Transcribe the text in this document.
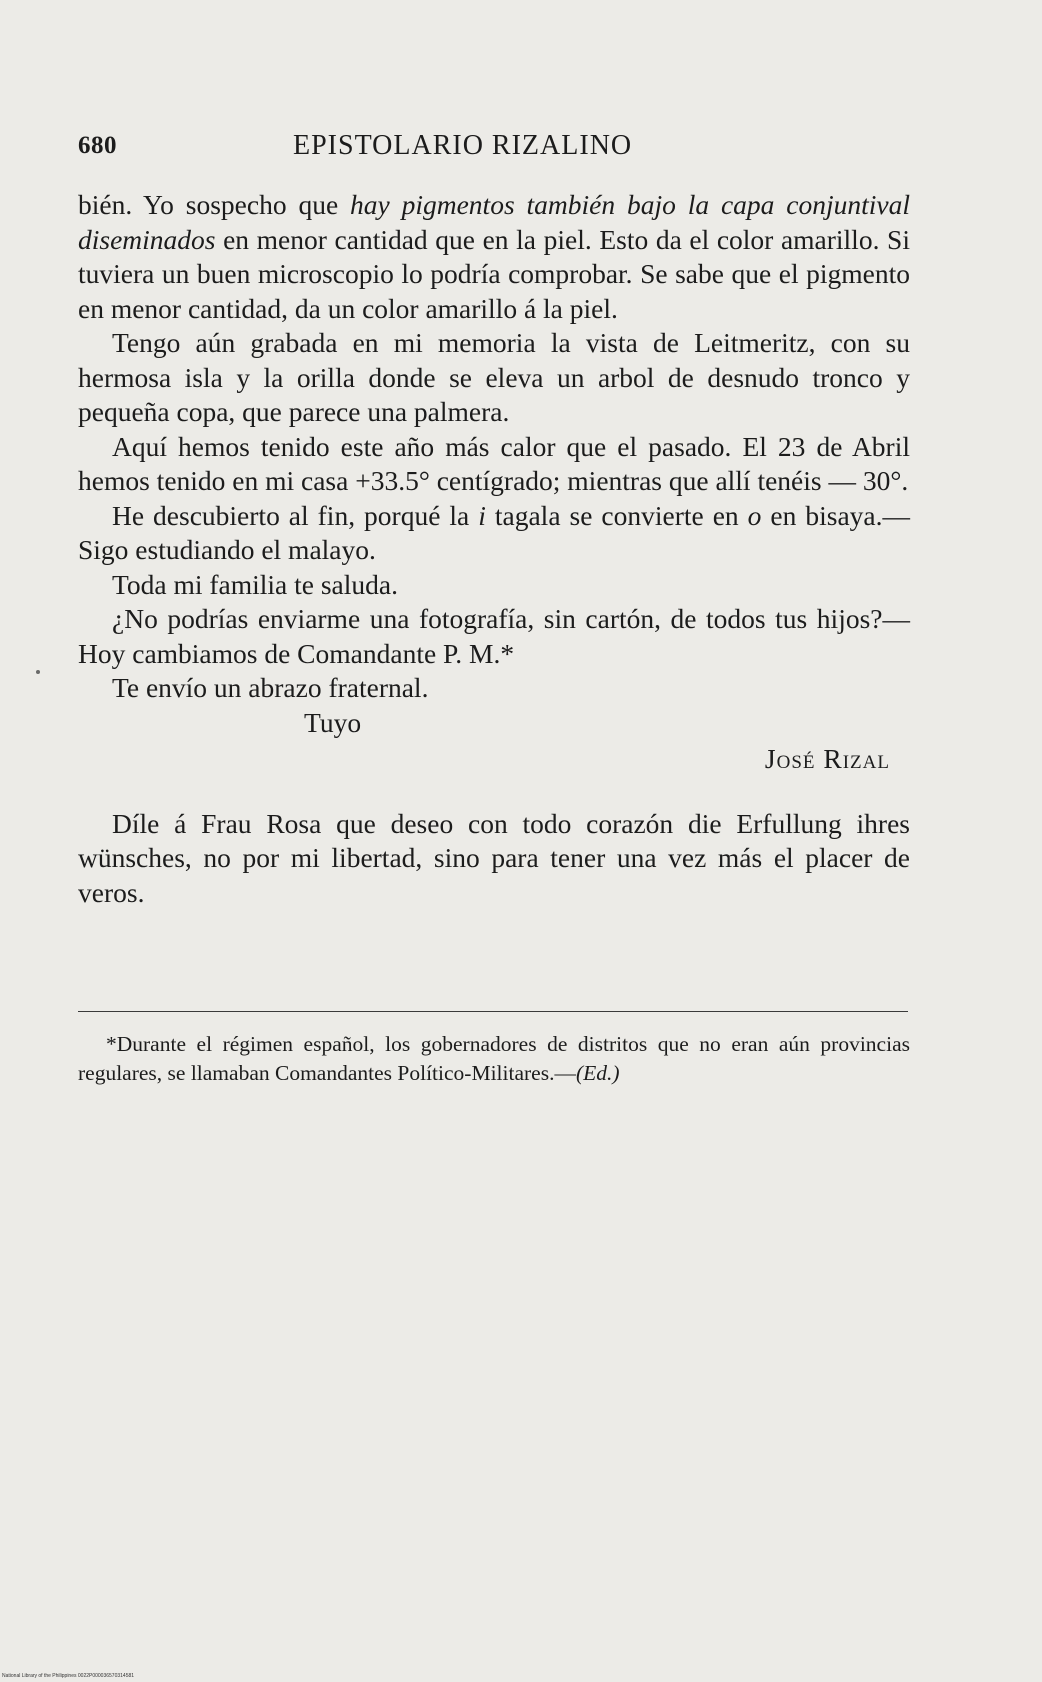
680	EPISTOLARIO RIZALINO

bién. Yo sospecho que hay pigmentos también bajo la capa conjuntival diseminados en menor cantidad que en la piel. Esto da el color amarillo. Si tuviera un buen microscopio lo podría comprobar. Se sabe que el pigmento en menor cantidad, da un color amarillo á la piel.

Tengo aún grabada en mi memoria la vista de Leitmeritz, con su hermosa isla y la orilla donde se eleva un arbol de desnudo tronco y pequeña copa, que parece una palmera.

Aquí hemos tenido este año más calor que el pasado. El 23 de Abril hemos tenido en mi casa +33.5° centígrado; mientras que allí tenéis — 30°.

He descubierto al fin, porqué la i tagala se convierte en o en bisaya.—Sigo estudiando el malayo.

Toda mi familia te saluda.

¿No podrías enviarme una fotografía, sin cartón, de todos tus hijos?—Hoy cambiamos de Comandante P. M.*

Te envío un abrazo fraternal.

Tuyo

José Rizal

Díle á Frau Rosa que deseo con todo corazón die Erfullung ihres wünsches, no por mi libertad, sino para tener una vez más el placer de veros.

*Durante el régimen español, los gobernadores de distritos que no eran aún provincias regulares, se llamaban Comandantes Político-Militares.—(Ed.)

National Library of the Philippines 0022P000036570314581
